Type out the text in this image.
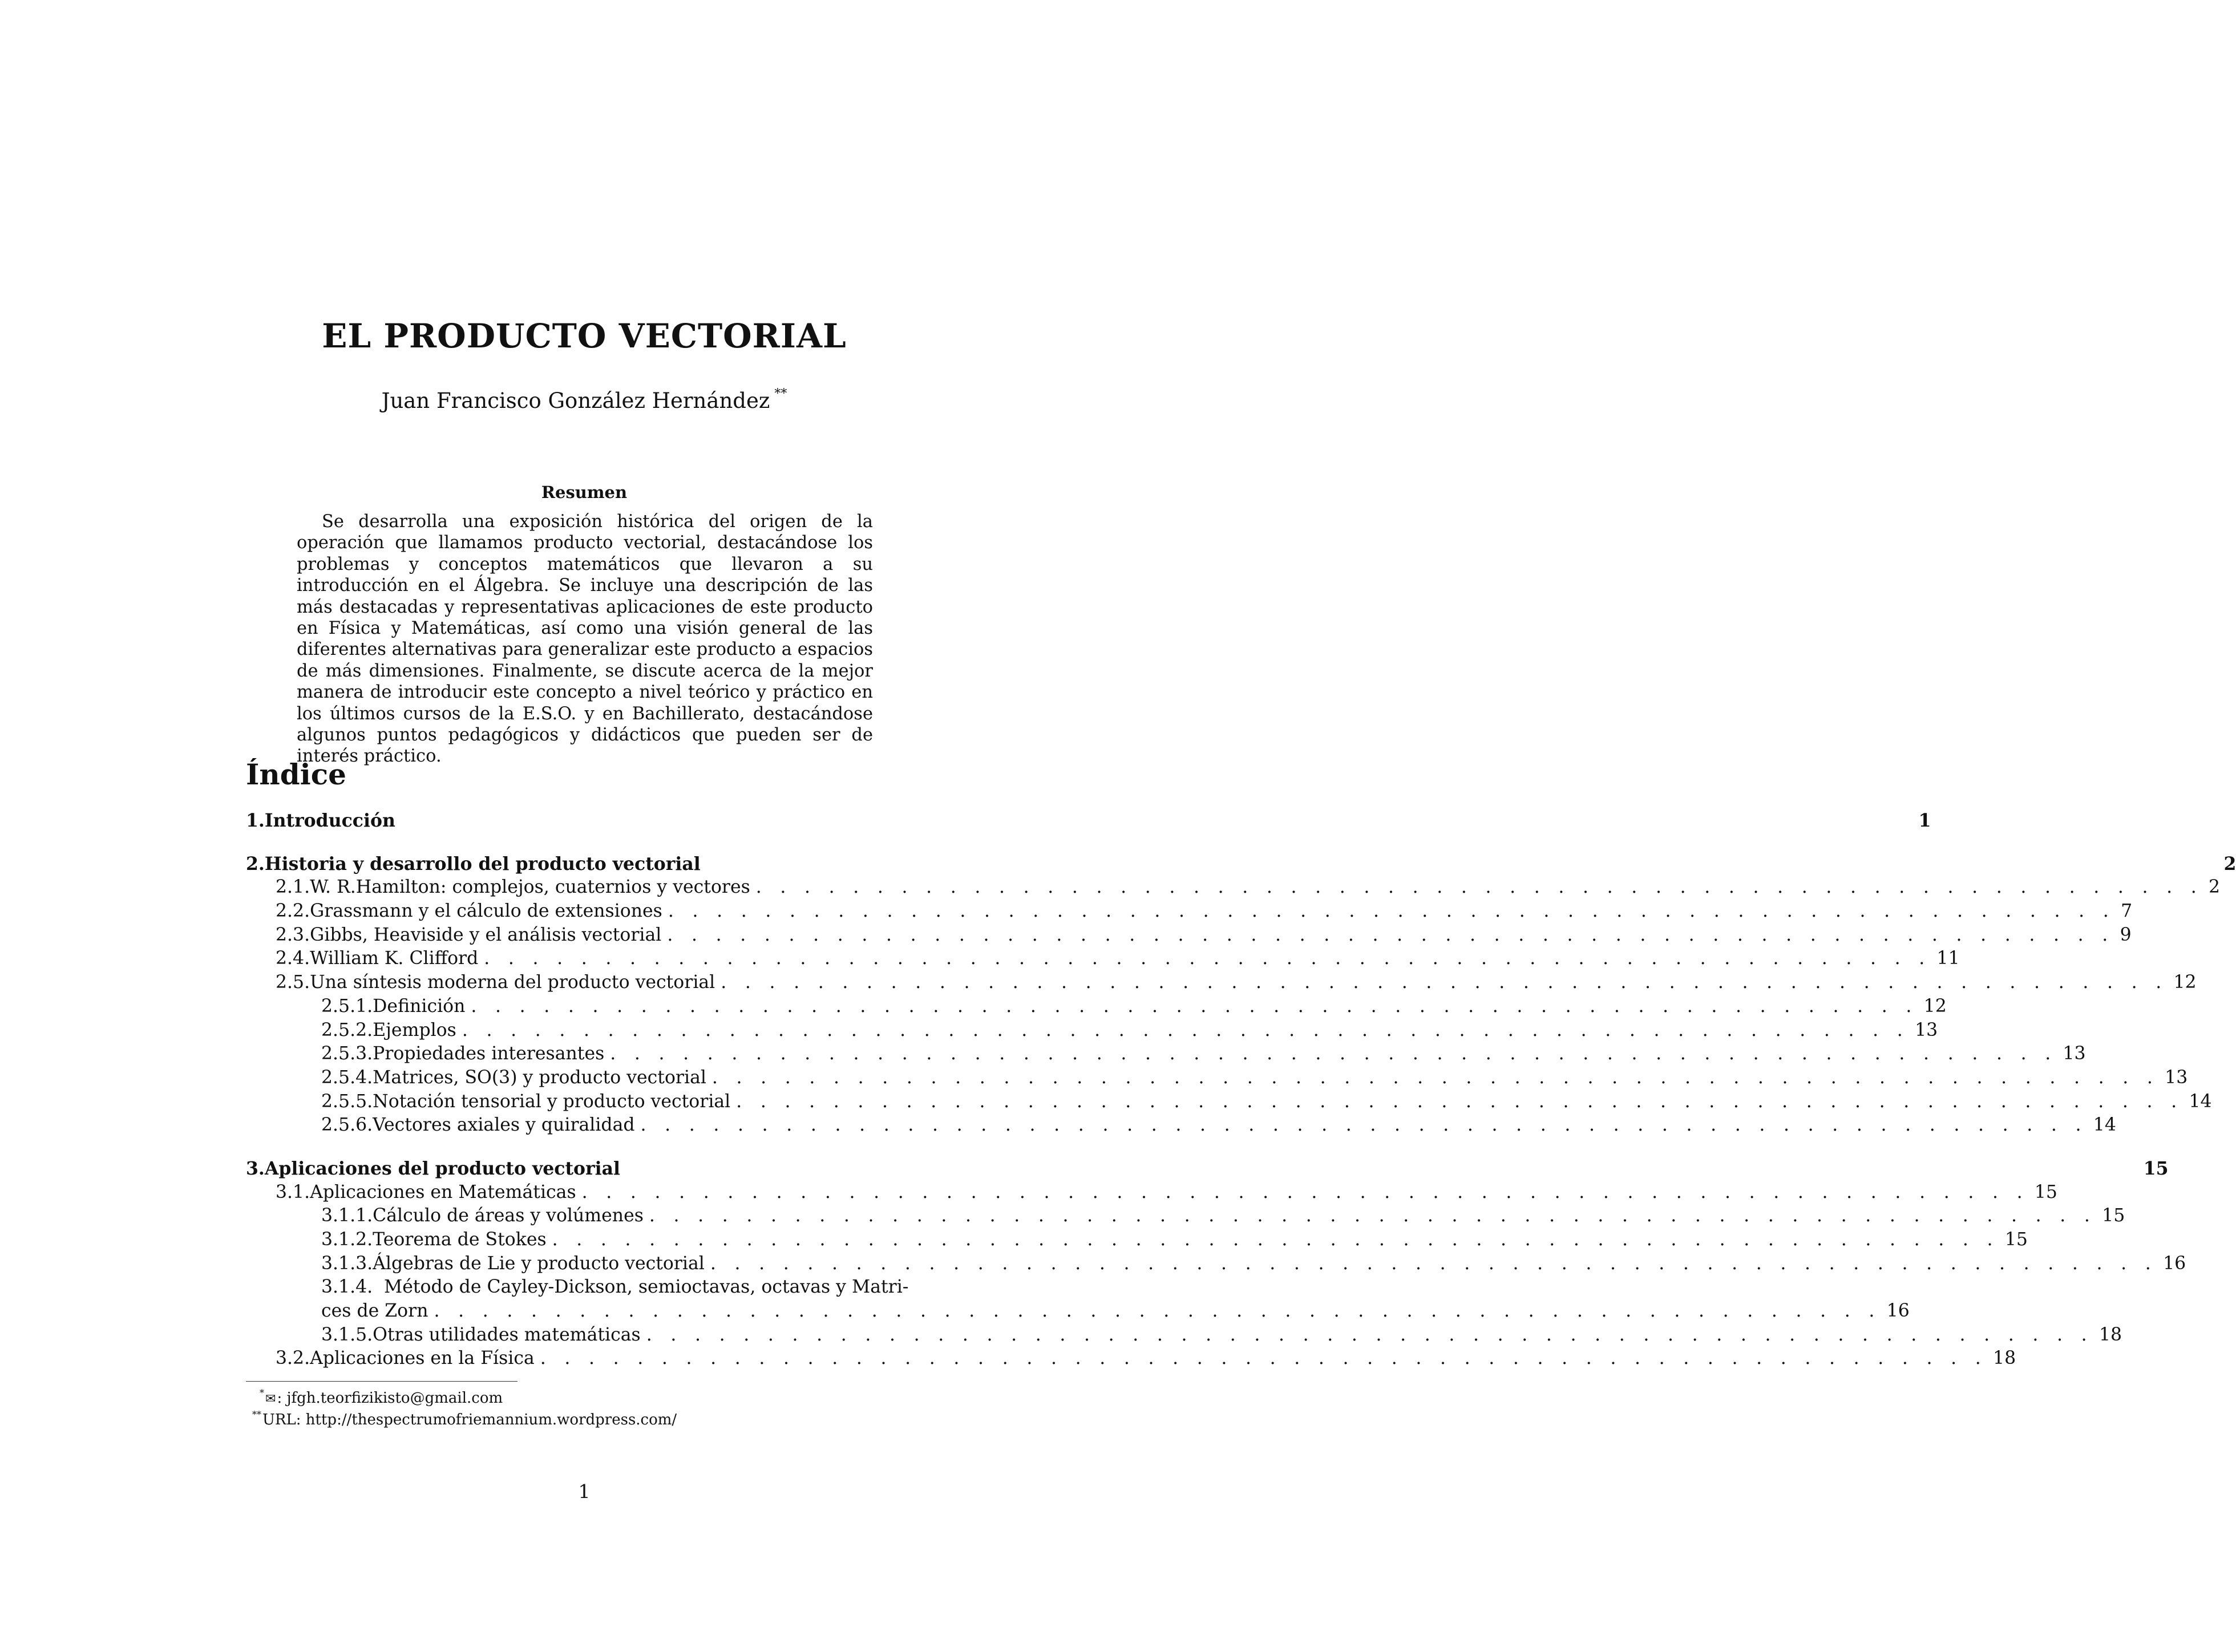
EL PRODUCTO VECTORIAL
Juan Francisco González Hernández **
Resumen

Se desarrolla una exposición histórica del origen de la operación que llamamos producto vectorial, destacándose los problemas y conceptos matemáticos que llevaron a su introducción en el Álgebra. Se incluye una descripción de las más destacadas y representativas aplicaciones de este producto en Física y Matemáticas, así como una visión general de las diferentes alternativas para generalizar este producto a espacios de más dimensiones. Finalmente, se discute acerca de la mejor manera de introducir este concepto a nivel teórico y práctico en los últimos cursos de la E.S.O. y en Bachillerato, destacándose algunos puntos pedagógicos y didácticos que pueden ser de interés práctico.

Índice
1. Introducción	1
2. Historia y desarrollo del producto vectorial	2
2.1. W. R.Hamilton: complejos, cuaternios y vectores . . . . . . . . . . . . . . . . . . . . . . . . . . . . . . . . . . . . . . . . . . . . . . . . . . . . . . . . . . . . 2
2.2. Grassmann y el cálculo de extensiones . . . . . . . . . . . . . . . . . . . . . . . . . . . . . . . . . . . . . . . . . . . . . . . . . . . . . . . . . . . . 7
2.3. Gibbs, Heaviside y el análisis vectorial . . . . . . . . . . . . . . . . . . . . . . . . . . . . . . . . . . . . . . . . . . . . . . . . . . . . . . . . . . . . 9
2.4. William K. Clifford . . . . . . . . . . . . . . . . . . . . . . . . . . . . . . . . . . . . . . . . . . . . . . . . . . . . . . . . . . . . 11
2.5. Una síntesis moderna del producto vectorial . . . . . . . . . . . . . . . . . . . . . . . . . . . . . . . . . . . . . . . . . . . . . . . . . . . . . . . . . . . . 12
2.5.1. Definición . . . . . . . . . . . . . . . . . . . . . . . . . . . . . . . . . . . . . . . . . . . . . . . . . . . . . . . . . . . . 12
2.5.2. Ejemplos . . . . . . . . . . . . . . . . . . . . . . . . . . . . . . . . . . . . . . . . . . . . . . . . . . . . . . . . . . . . 13
2.5.3. Propiedades interesantes . . . . . . . . . . . . . . . . . . . . . . . . . . . . . . . . . . . . . . . . . . . . . . . . . . . . . . . . . . . . 13
2.5.4. Matrices, SO(3) y producto vectorial . . . . . . . . . . . . . . . . . . . . . . . . . . . . . . . . . . . . . . . . . . . . . . . . . . . . . . . . . . . . 13
2.5.5. Notación tensorial y producto vectorial . . . . . . . . . . . . . . . . . . . . . . . . . . . . . . . . . . . . . . . . . . . . . . . . . . . . . . . . . . . . 14
2.5.6. Vectores axiales y quiralidad . . . . . . . . . . . . . . . . . . . . . . . . . . . . . . . . . . . . . . . . . . . . . . . . . . . . . . . . . . . . 14
3. Aplicaciones del producto vectorial	15
3.1. Aplicaciones en Matemáticas . . . . . . . . . . . . . . . . . . . . . . . . . . . . . . . . . . . . . . . . . . . . . . . . . . . . . . . . . . . . 15
3.1.1. Cálculo de áreas y volúmenes . . . . . . . . . . . . . . . . . . . . . . . . . . . . . . . . . . . . . . . . . . . . . . . . . . . . . . . . . . . . 15
3.1.2. Teorema de Stokes . . . . . . . . . . . . . . . . . . . . . . . . . . . . . . . . . . . . . . . . . . . . . . . . . . . . . . . . . . . . 15
3.1.3. Álgebras de Lie y producto vectorial . . . . . . . . . . . . . . . . . . . . . . . . . . . . . . . . . . . . . . . . . . . . . . . . . . . . . . . . . . . . 16
3.1.4. Método de Cayley-Dickson, semioctavas, octavas y Matri-
ces de Zorn . . . . . . . . . . . . . . . . . . . . . . . . . . . . . . . . . . . . . . . . . . . . . . . . . . . . . . . . . . . . 16
3.1.5. Otras utilidades matemáticas . . . . . . . . . . . . . . . . . . . . . . . . . . . . . . . . . . . . . . . . . . . . . . . . . . . . . . . . . . . . 18
3.2. Aplicaciones en la Física . . . . . . . . . . . . . . . . . . . . . . . . . . . . . . . . . . . . . . . . . . . . . . . . . . . . . . . . . . . . 18
*✉: jfgh.teorfizikisto@gmail.com
**URL: http://thespectrumofriemannium.wordpress.com/
1
